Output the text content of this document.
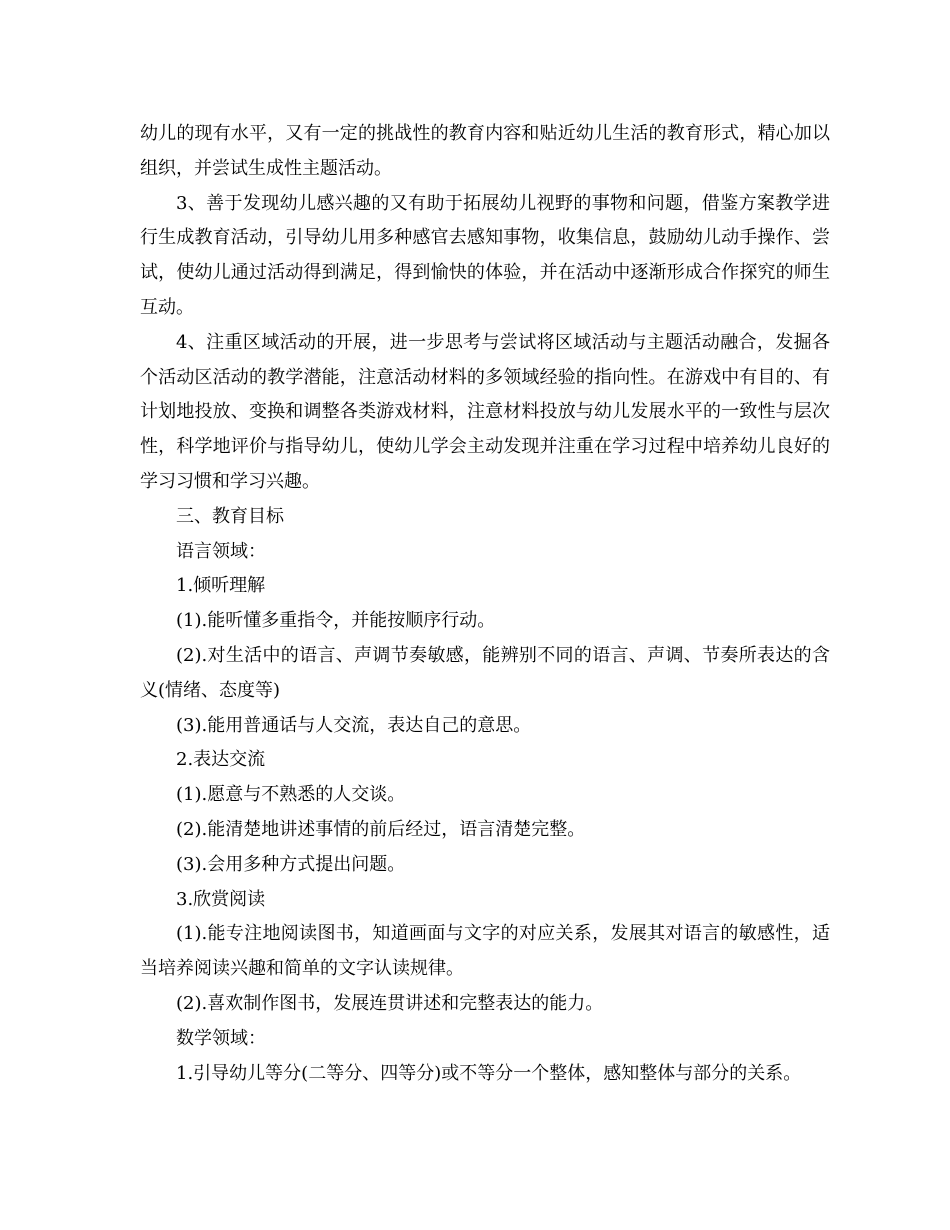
幼儿的现有水平，又有一定的挑战性的教育内容和贴近幼儿生活的教育形式，精心加以组织，并尝试生成性主题活动。

3、善于发现幼儿感兴趣的又有助于拓展幼儿视野的事物和问题，借鉴方案教学进行生成教育活动，引导幼儿用多种感官去感知事物，收集信息，鼓励幼儿动手操作、尝试，使幼儿通过活动得到满足，得到愉快的体验，并在活动中逐渐形成合作探究的师生互动。

4、注重区域活动的开展，进一步思考与尝试将区域活动与主题活动融合，发掘各个活动区活动的教学潜能，注意活动材料的多领域经验的指向性。在游戏中有目的、有计划地投放、变换和调整各类游戏材料，注意材料投放与幼儿发展水平的一致性与层次性，科学地评价与指导幼儿，使幼儿学会主动发现并注重在学习过程中培养幼儿良好的学习习惯和学习兴趣。

三、教育目标

语言领域：

1.倾听理解

(1).能听懂多重指令，并能按顺序行动。

(2).对生活中的语言、声调节奏敏感，能辨别不同的语言、声调、节奏所表达的含义(情绪、态度等)

(3).能用普通话与人交流，表达自己的意思。

2.表达交流

(1).愿意与不熟悉的人交谈。

(2).能清楚地讲述事情的前后经过，语言清楚完整。

(3).会用多种方式提出问题。

3.欣赏阅读

(1).能专注地阅读图书，知道画面与文字的对应关系，发展其对语言的敏感性，适当培养阅读兴趣和简单的文字认读规律。

(2).喜欢制作图书，发展连贯讲述和完整表达的能力。

数学领域：

1.引导幼儿等分(二等分、四等分)或不等分一个整体，感知整体与部分的关系。
